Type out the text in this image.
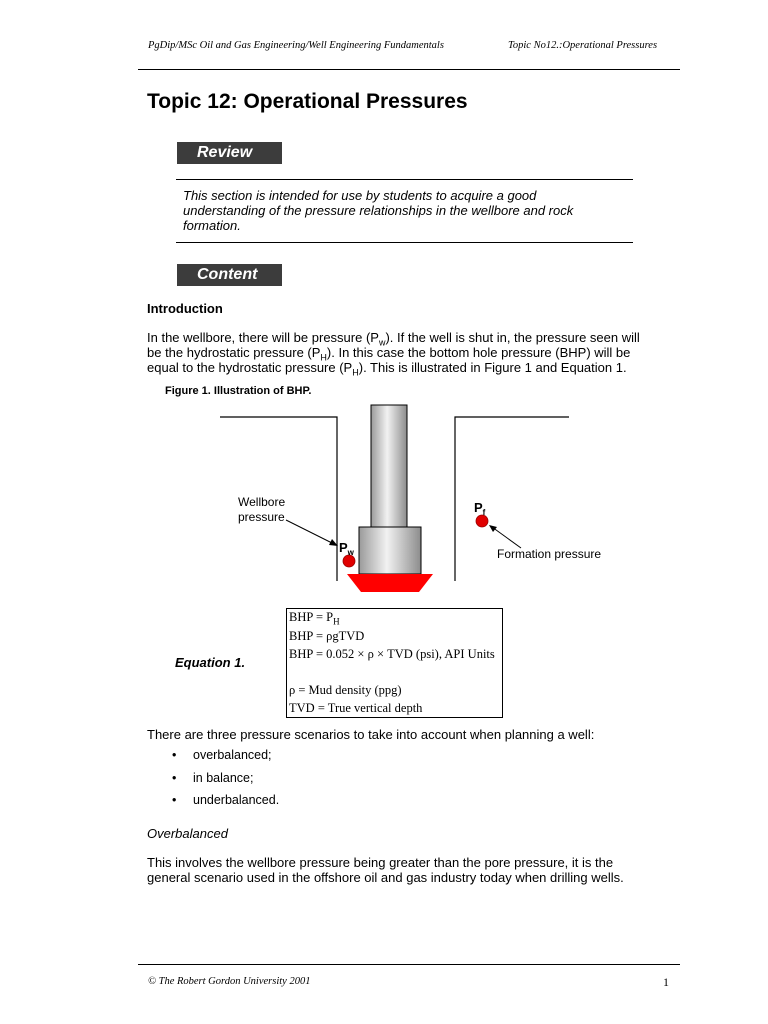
PgDip/MSc Oil and Gas Engineering/Well Engineering Fundamentals	Topic No12.:Operational Pressures
Topic 12: Operational Pressures
Review
This section is intended for use by students to acquire a good understanding of the pressure relationships in the wellbore and rock formation.
Content
Introduction
In the wellbore, there will be pressure $(P_w)$. If the well is shut in, the pressure seen will
be the hydrostatic pressure $(P_H)$. In this case the bottom hole pressure (BHP) will be
equal to the hydrostatic pressure $(P_H)$. This is illustrated in Figure 1 and Equation 1.
Figure 1. Illustration of BHP.
Wellbore
pressure
$P_w$
$P_f$
Formation pressure
Equation 1.
BHP = $P_H$
BHP = ρgTVD
BHP = 0.052 × ρ × TVD (psi), API Units
ρ = Mud density (ppg)
TVD = True vertical depth
There are three pressure scenarios to take into account when planning a well:
• overbalanced;
• in balance;
• underbalanced.
Overbalanced
This involves the wellbore pressure being greater than the pore pressure, it is the
general scenario used in the offshore oil and gas industry today when drilling wells.
© The Robert Gordon University 2001	1
